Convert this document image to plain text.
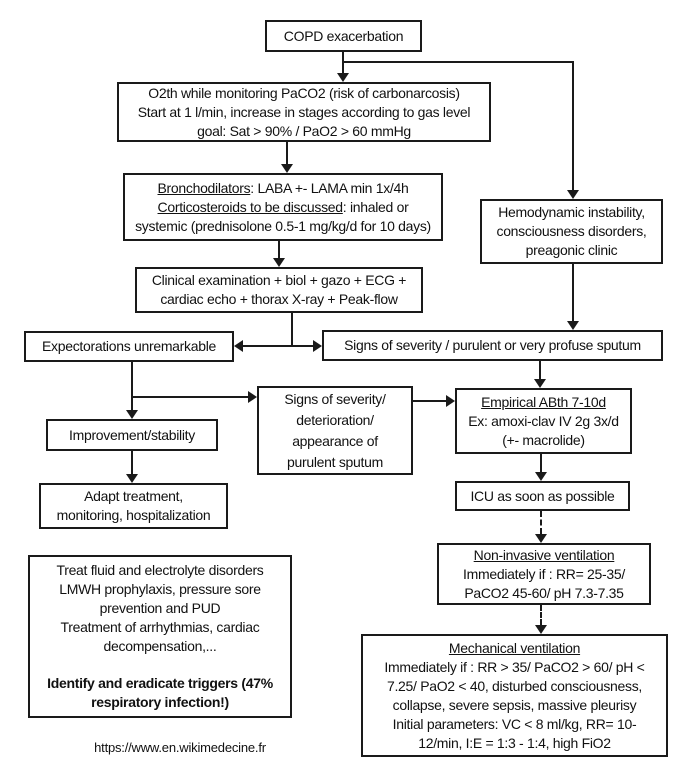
COPD exacerbation
O2th while monitoring PaCO2 (risk of carbonarcosis)
Start at 1 l/min, increase in stages according to gas level
goal: Sat > 90% / PaO2 > 60 mmHg
Bronchodilators: LABA +- LAMA min 1x/4h
Corticosteroids to be discussed: inhaled or
systemic (prednisolone 0.5-1 mg/kg/d for 10 days)
Hemodynamic instability,
consciousness disorders,
preagonic clinic
Clinical examination + biol + gazo + ECG +
cardiac echo + thorax X-ray + Peak-flow
Expectorations unremarkable	Signs of severity / purulent or very profuse sputum
Improvement/stability
Signs of severity/
deterioration/
appearance of
purulent sputum
Empirical ABth 7-10d
Ex: amoxi-clav IV 2g 3x/d
(+- macrolide)
Adapt treatment,
monitoring, hospitalization
ICU as soon as possible
Non-invasive ventilation
Immediately if : RR= 25-35/
PaCO2 45-60/ pH 7.3-7.35
Mechanical ventilation
Immediately if : RR > 35/ PaCO2 > 60/ pH <
7.25/ PaO2 < 40, disturbed consciousness,
collapse, severe sepsis, massive pleurisy
Initial parameters: VC < 8 ml/kg, RR= 10-
12/min, I:E = 1:3 - 1:4, high FiO2
Treat fluid and electrolyte disorders
LMWH prophylaxis, pressure sore
prevention and PUD
Treatment of arrhythmias, cardiac
decompensation,...
Identify and eradicate triggers (47%
respiratory infection!)
https://www.en.wikimedecine.fr
